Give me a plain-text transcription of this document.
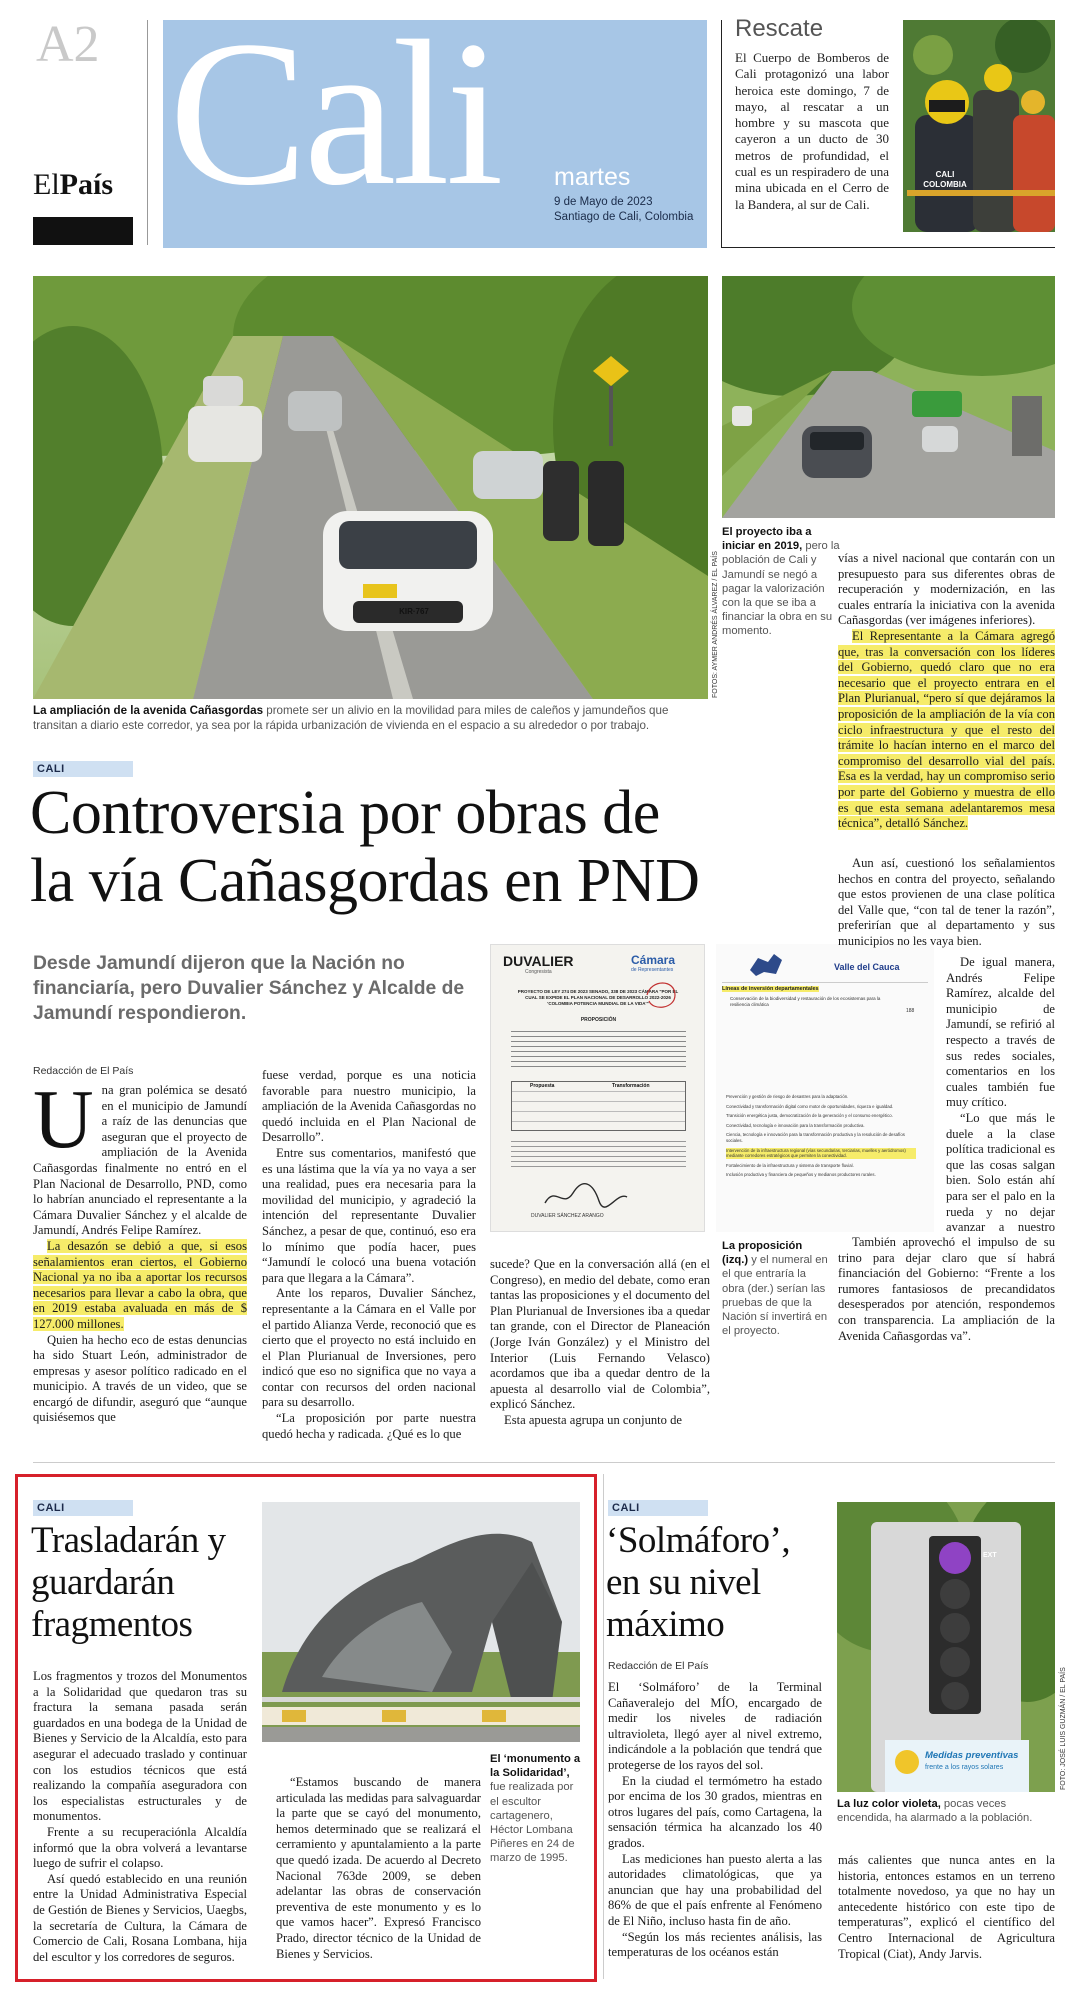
A2
ElPaís Cali martes
9 de Mayo de 2023
Santiago de Cali, Colombia
Rescate
El Cuerpo de Bomberos de Cali protagonizó una labor heroica este domingo, 7 de mayo, al rescatar a un hombre y su mascota que cayeron a un ducto de 30 metros de profundidad, el cual es un respiradero de una mina ubicada en el Cerro de la Bandera, al sur de Cali.
CALI COLOMBIA
KIR·767
La ampliación de la avenida Cañasgordas promete ser un alivio en la movilidad para miles de caleños y jamundeños que transitan a diario este corredor, ya sea por la rápida urbanización de vivienda en el espacio a su alrededor o por trabajo.
FOTOS: AYMER ANDRÉS ÁLVAREZ / EL PAÍS
El proyecto iba a iniciar en 2019, pero la población de Cali y Jamundí se negó a pagar la valorización con la que se iba a financiar la obra en su momento.
CALI
Controversia por obras de
la vía Cañasgordas en PND
Desde Jamundí dijeron que la Nación no financiaría, pero Duvalier Sánchez y Alcalde de Jamundí respondieron.
Redacción de El País
U na gran polémica se desató en el municipio de Jamundí a raíz de las denuncias que aseguran que el proyecto de ampliación de la Avenida Cañasgordas finalmente no entró en el Plan Nacional de Desarrollo, PND, como lo habrían anunciado el representante a la Cámara Duvalier Sánchez y el alcalde de Jamundí, Andrés Felipe Ramírez.

La desazón se debió a que, si esos señalamientos eran ciertos, el Gobierno Nacional ya no iba a aportar los recursos necesarios para llevar a cabo la obra, que en 2019 estaba avaluada en más de $ 127.000 millones.

Quien ha hecho eco de estas denuncias ha sido Stuart León, administrador de empresas y asesor político radicado en el municipio. A través de un video, que se encargó de difundir, aseguró que “aunque quisiésemos que

fuese verdad, porque es una noticia favorable para nuestro municipio, la ampliación de la Avenida Cañasgordas no quedó incluida en el Plan Nacional de Desarrollo”.

Entre sus comentarios, manifestó que es una lástima que la vía ya no vaya a ser una realidad, pues era necesaria para la movilidad del municipio, y agradeció la intención del representante Duvalier Sánchez, a pesar de que, continuó, eso era lo mínimo que podía hacer, pues “Jamundí le colocó una buena votación para que llegara a la Cámara”.

Ante los reparos, Duvalier Sánchez, representante a la Cámara en el Valle por el partido Alianza Verde, reconoció que es cierto que el proyecto no está incluido en el Plan Plurianual de Inversiones, pero indicó que eso no significa que no vaya a contar con recursos del orden nacional para su desarrollo.

“La proposición por parte nuestra quedó hecha y radicada. ¿Qué es lo que

DUVALIER
Congresista
Cámara
de Representantes
PROYECTO DE LEY 274 DE 2023 SENADO, 338 DE 2023 CÁMARA "POR EL CUAL SE EXPIDE EL PLAN NACIONAL DE DESARROLLO 2022-2026 'COLOMBIA POTENCIA MUNDIAL DE LA VIDA'"
PROPOSICIÓN
Propuesta	Transformación
DUVALIER SÁNCHEZ ARANGO
Valle del Cauca
Líneas de inversión departamentales
Conservación de la biodiversidad y restauración de los ecosistemas para la resiliencia climática
188
Prevención y gestión de riesgo de desastres para la adaptación.
Conectividad y transformación digital como motor de oportunidades, riqueza e igualdad.
Transición energética justa, democratización de la generación y el consumo energético.
Conectividad, tecnología e innovación para la transformación productiva.
Ciencia, tecnología e innovación para la transformación productiva y la resolución de desafíos sociales.
Intervención de la infraestructura regional (vías secundarias, terciarias, muelles y aeródromos) mediante corredores estratégicos que permiten la conectividad.
Fortalecimiento de la infraestructura y sistema de transporte fluvial.
Inclusión productiva y financiera de pequeños y medianos productores rurales.
La proposición (izq.) y el numeral en el que entraría la obra (der.) serían las pruebas de que la Nación sí invertirá en el proyecto.

sucede? Que en la conversación allá (en el Congreso), en medio del debate, como eran tantas las proposiciones y el documento del Plan Plurianual de Inversiones iba a quedar tan grande, con el Director de Planeación (Jorge Iván González) y el Ministro del Interior (Luis Fernando Velasco) acordamos que iba a quedar dentro de la apuesta al desarrollo vial de Colombia”, explicó Sánchez.

Esta apuesta agrupa un conjunto de

vías a nivel nacional que contarán con un presupuesto para sus diferentes obras de recuperación y modernización, en las cuales entraría la iniciativa con la avenida Cañasgordas (ver imágenes inferiores).

El Representante a la Cámara agregó que, tras la conversación con los líderes del Gobierno, quedó claro que no era necesario que el proyecto entrara en el Plan Plurianual, “pero sí que dejáramos la proposición de la ampliación de la vía con ciclo infraestructura y que el resto del trámite lo hacían interno en el marco del compromiso del desarrollo vial del país. Esa es la verdad, hay un compromiso serio por parte del Gobierno y muestra de ello es que esta semana adelantaremos mesa técnica”, detalló Sánchez.

Aun así, cuestionó los señalamientos hechos en contra del proyecto, señalando que estos provienen de una clase política del Valle que, “con tal de tener la razón”, preferirían que al departamento y sus municipios no les vaya bien.

De igual manera, Andrés Felipe Ramírez, alcalde del municipio de Jamundí, se refirió al respecto a través de sus redes sociales, comentarios en los cuales también fue muy crítico.

“Lo que más le duele a la clase política tradicional es que las cosas salgan bien. Solo están ahí para ser el palo en la rueda y no dejar avanzar a nuestro

También aprovechó el impulso de su trino para dejar claro que sí habrá financiación del Gobierno: “Frente a los rumores fantasiosos de precandidatos desesperados por atención, respondemos con transparencia. La ampliación de la Avenida Cañasgordas va”.

CALI
Trasladarán y guardarán fragmentos

Los fragmentos y trozos del Monumentos a la Solidaridad que quedaron tras su fractura la semana pasada serán guardados en una bodega de la Unidad de Bienes y Servicio de la Alcaldía, esto para asegurar el adecuado traslado y continuar con los estudios técnicos que está realizando la compañía aseguradora con los especialistas estructurales y de monumentos.

Frente a su recuperaciónla Alcaldía informó que la obra volverá a levantarse luego de sufrir el colapso.

Así quedó establecido en una reunión entre la Unidad Administrativa Especial de Gestión de Bienes y Servicios, Uaegbs, la secretaría de Cultura, la Cámara de Comercio de Cali, Rosana Lombana, hija del escultor y los corredores de seguros.

“Estamos buscando de manera articulada las medidas para salvaguardar la parte que se cayó del monumento, hemos determinado que se realizará el cerramiento y apuntalamiento a la parte que quedó izada. De acuerdo al Decreto Nacional 763de 2009, se deben adelantar las obras de conservación preventiva de este monumento y es lo que vamos hacer”. Expresó Francisco Prado, director técnico de la Unidad de Bienes y Servicios.

El ‘monumento a la Solidaridad’, fue realizada por el escultor cartagenero, Héctor Lombana Piñeres en 24 de marzo de 1995.
CALI
‘Solmáforo’, en su nivel máximo
Redacción de El País
EXT
Medidas preventivas
frente a los rayos solares	FOTO: JOSÉ LUIS GUZMÁN / EL PAÍS
La luz color violeta, pocas veces encendida, ha alarmado a la población.

El ‘Solmáforo’ de la Terminal Cañaveralejo del MÍO, encargado de medir los niveles de radiación ultravioleta, llegó ayer al nivel extremo, indicándole a la población que tendrá que protegerse de los rayos del sol.

En la ciudad el termómetro ha estado por encima de los 30 grados, mientras en otros lugares del país, como Cartagena, la sensación térmica ha alcanzado los 40 grados.

Las mediciones han puesto alerta a las autoridades climatológicas, que ya anuncian que hay una probabilidad del 86% de que el país enfrente al Fenómeno de El Niño, incluso hasta fin de año.

“Según los más recientes análisis, las temperaturas de los océanos están

más calientes que nunca antes en la historia, entonces estamos en un terreno totalmente novedoso, ya que no hay un antecedente histórico con este tipo de temperaturas”, explicó el científico del Centro Internacional de Agricultura Tropical (Ciat), Andy Jarvis.
